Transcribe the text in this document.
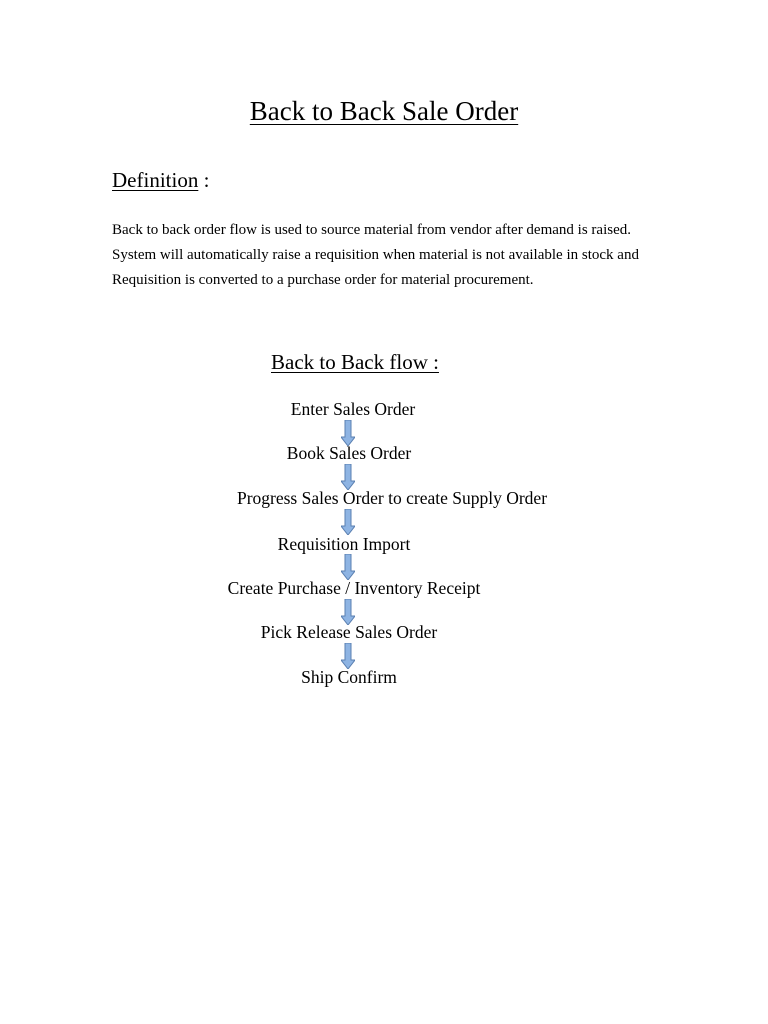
Back to Back Sale Order
Definition :

Back to back order flow is used to source material from vendor after demand is raised. System will automatically raise a requisition when material is not available in stock and Requisition is converted to a purchase order for material procurement.

Back to Back flow :
Enter Sales Order
Book Sales Order
Progress Sales Order to create Supply Order
Requisition Import
Create Purchase / Inventory Receipt
Pick Release Sales Order
Ship Confirm
